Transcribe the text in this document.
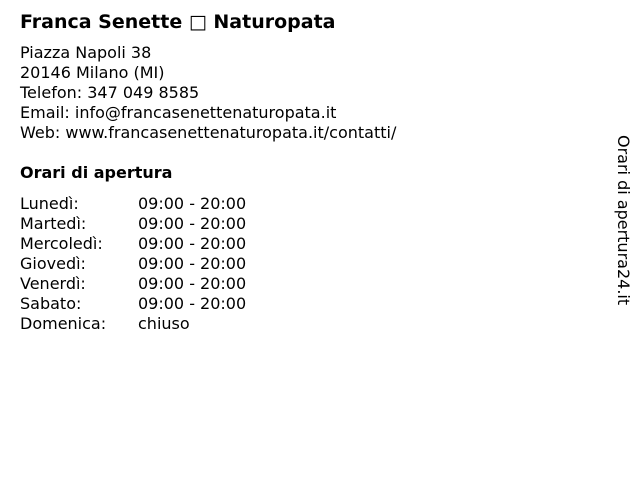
Franca Senette □ Naturopata
Piazza Napoli 38
20146 Milano (MI)
Telefon: 347 049 8585
Email: info@francasenettenaturopata.it
Web: www.francasenettenaturopata.it/contatti/
Orari di apertura
Lunedì:	09:00 - 20:00
Martedì:	09:00 - 20:00
Mercoledì: 09:00 - 20:00
Giovedì:	09:00 - 20:00
Venerdì:	09:00 - 20:00
Sabato:	09:00 - 20:00
Domenica: chiuso
Orari di apertura24.it
